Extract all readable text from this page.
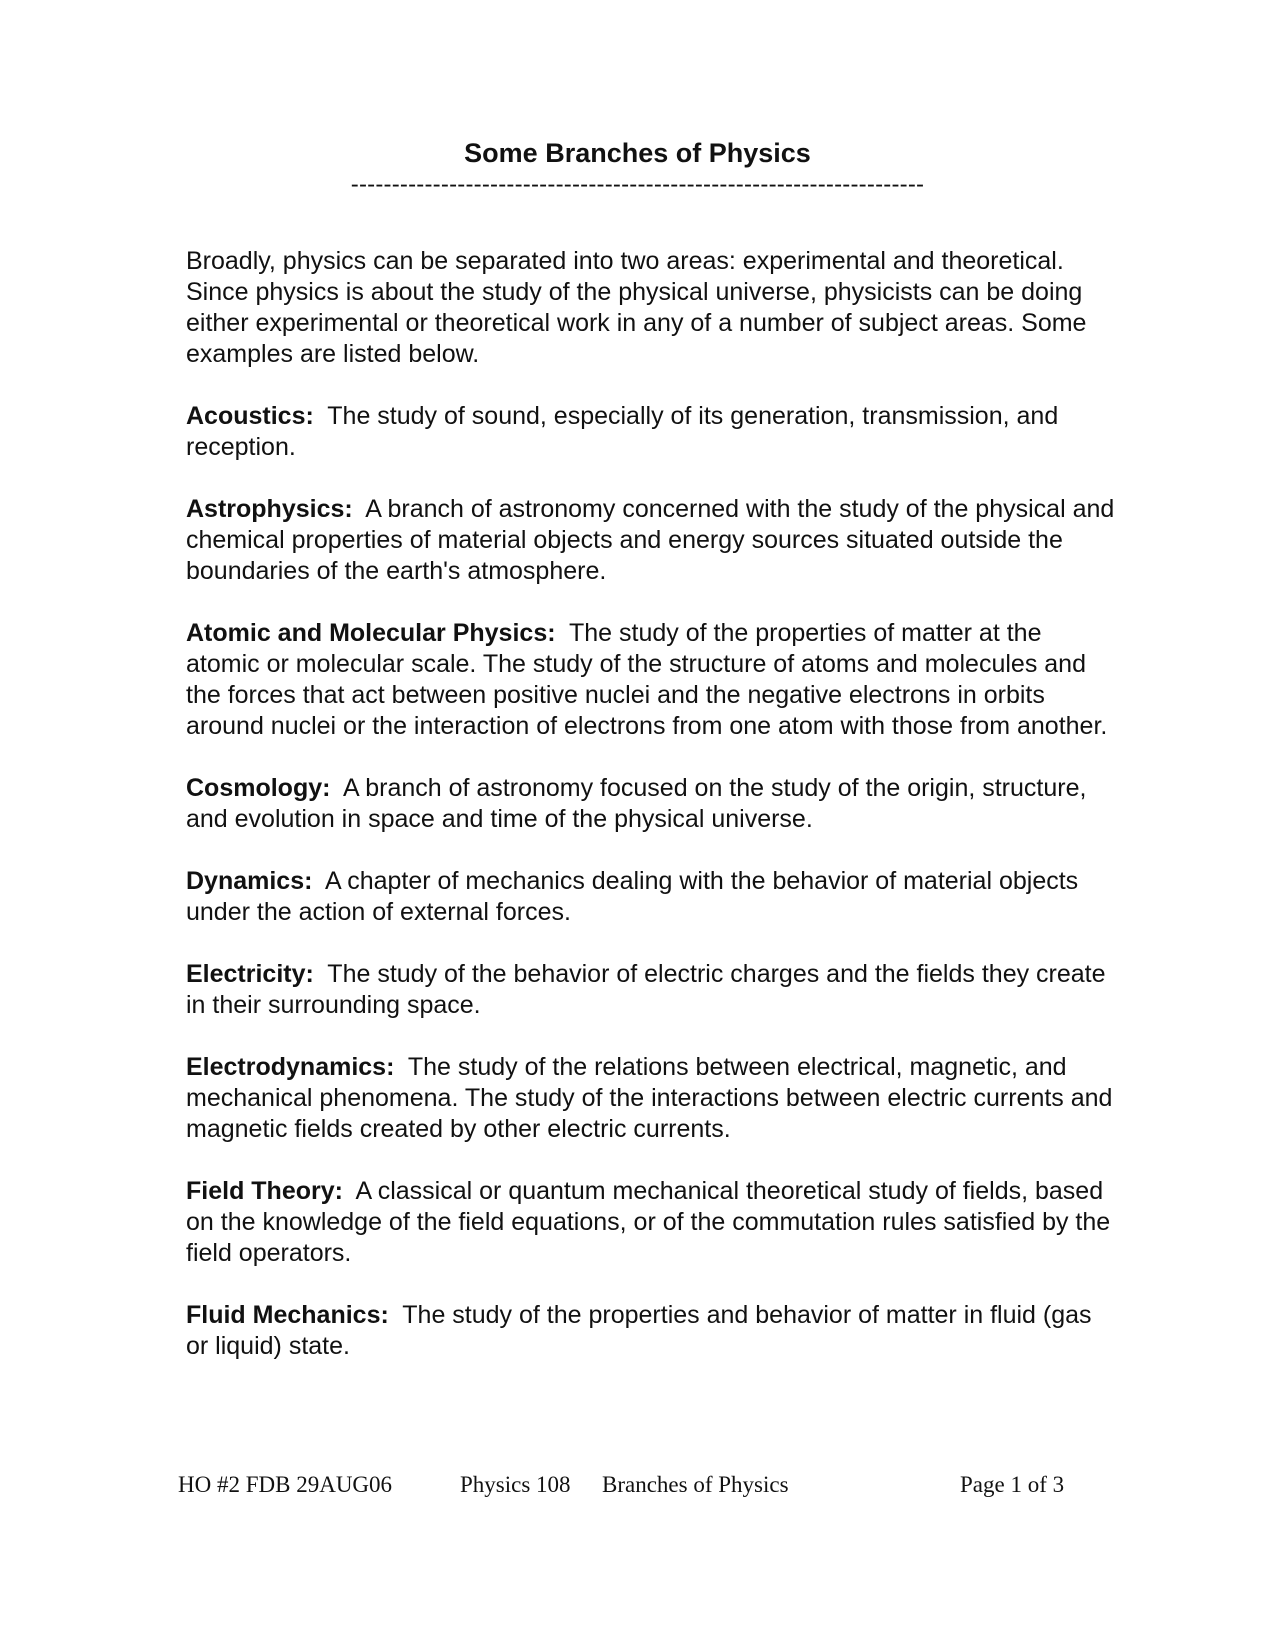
Some Branches of Physics
----------------------------------------------------------------------

Broadly, physics can be separated into two areas: experimental and theoretical. Since physics is about the study of the physical universe, physicists can be doing either experimental or theoretical work in any of a number of subject areas. Some examples are listed below.

Acoustics: The study of sound, especially of its generation, transmission, and reception.

Astrophysics: A branch of astronomy concerned with the study of the physical and chemical properties of material objects and energy sources situated outside the boundaries of the earth's atmosphere.

Atomic and Molecular Physics: The study of the properties of matter at the atomic or molecular scale. The study of the structure of atoms and molecules and the forces that act between positive nuclei and the negative electrons in orbits around nuclei or the interaction of electrons from one atom with those from another.

Cosmology: A branch of astronomy focused on the study of the origin, structure, and evolution in space and time of the physical universe.

Dynamics: A chapter of mechanics dealing with the behavior of material objects under the action of external forces.

Electricity: The study of the behavior of electric charges and the fields they create in their surrounding space.

Electrodynamics: The study of the relations between electrical, magnetic, and mechanical phenomena. The study of the interactions between electric currents and magnetic fields created by other electric currents.

Field Theory: A classical or quantum mechanical theoretical study of fields, based on the knowledge of the field equations, or of the commutation rules satisfied by the field operators.

Fluid Mechanics: The study of the properties and behavior of matter in fluid (gas or liquid) state.

HO #2 FDB 29AUG06	Physics 108 Branches of Physics	Page 1 of 3
